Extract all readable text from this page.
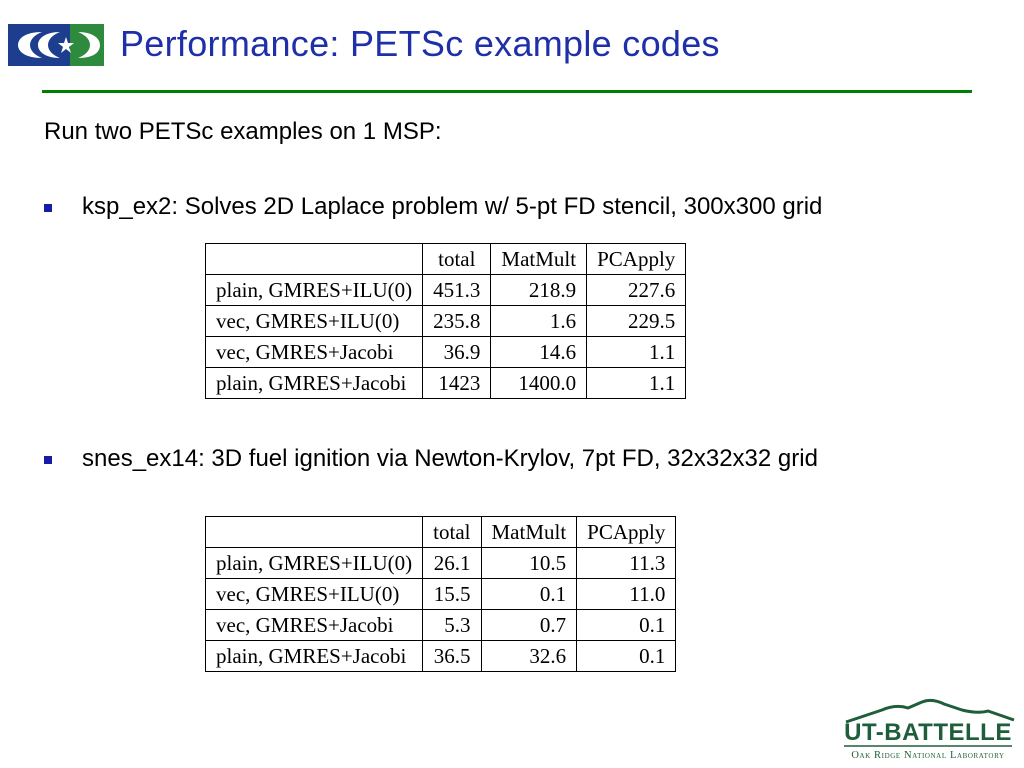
Performance: PETSc example codes

Run two PETSc examples on 1 MSP:

ksp_ex2: Solves 2D Laplace problem w/ 5-pt FD stencil, 300x300 grid
	total	MatMult	PCApply
plain, GMRES+ILU(0)	451.3	218.9	227.6
vec, GMRES+ILU(0)	235.8	1.6	229.5
vec, GMRES+Jacobi	36.9	14.6	1.1
plain, GMRES+Jacobi	1423	1400.0	1.1
snes_ex14: 3D fuel ignition via Newton-Krylov, 7pt FD, 32x32x32 grid
	total	MatMult	PCApply
plain, GMRES+ILU(0)	26.1	10.5	11.3
vec, GMRES+ILU(0)	15.5	0.1	11.0
vec, GMRES+Jacobi	5.3	0.7	0.1
plain, GMRES+Jacobi	36.5	32.6	0.1
UT-BATTELLE
Oak Ridge National Laboratory
